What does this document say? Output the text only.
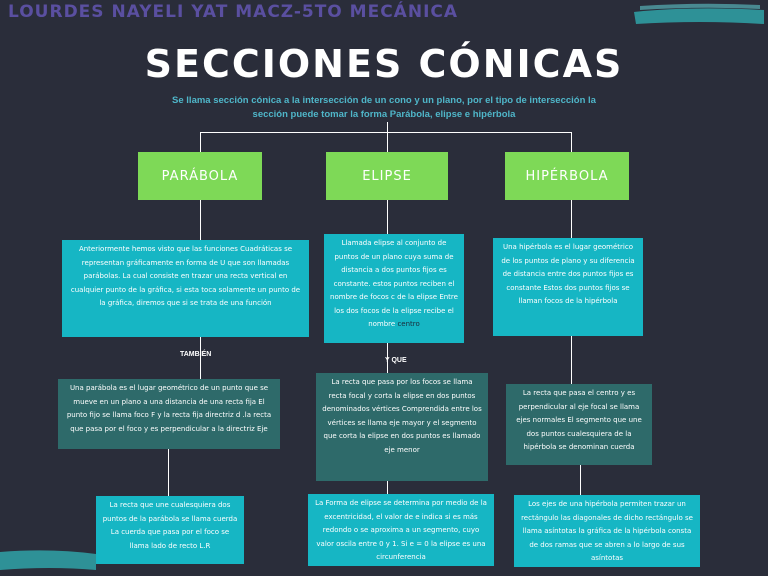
LOURDES NAYELI YAT MACZ-5TO MECÁNICA
SECCIONES CÓNICAS
Se llama sección cónica a la intersección de un cono y un plano, por el tipo de intersección la sección puede tomar la forma Parábola, elipse e hipérbola
PARÁBOLA	ELIPSE	HIPÉRBOLA
Anteriormente hemos visto que las funciones Cuadráticas se representan gráficamente en forma de U que son llamadas parábolas. La cual consiste en trazar una recta vertical en cualquier punto de la gráfica, si esta toca solamente un punto de la gráfica, diremos que si se trata de una función
TAMBIÉN
Una parábola es el lugar geométrico de un punto que se mueve en un plano a una distancia de una recta fija El punto fijo se llama foco F y la recta fija directriz d .la recta que pasa por el foco y es perpendicular a la directriz Eje
La recta que une cualesquiera dos puntos de la parábola se llama cuerda La cuerda que pasa por el foco se llama lado de recto L.R
Llamada elipse al conjunto de puntos de un plano cuya suma de distancia a dos puntos fijos es constante. estos puntos reciben el nombre de focos c de la elipse Entre los dos focos de la elipse recibe el nombre centro
Y QUE
La recta que pasa por los focos se llama recta focal y corta la elipse en dos puntos denominados vértices Comprendida entre los vértices se llama eje mayor y el segmento que corta la elipse en dos puntos es llamado eje menor
La Forma de elipse se determina por medio de la excentricidad, el valor de e indica si es más redondo o se aproxima a un segmento, cuyo valor oscila entre 0 y 1. Si e = 0 la elipse es una circunferencia
Una hipérbola es el lugar geométrico de los puntos de plano y su diferencia de distancia entre dos puntos fijos es constante Estos dos puntos fijos se llaman focos de la hipérbola
La recta que pasa el centro y es perpendicular al eje focal se llama ejes normales El segmento que une dos puntos cualesquiera de la hipérbola se denominan cuerda
Los ejes de una hipérbola permiten trazar un rectángulo las diagonales de dicho rectángulo se llama asíntotas la gráfica de la hipérbola consta de dos ramas que se abren a lo largo de sus asíntotas
